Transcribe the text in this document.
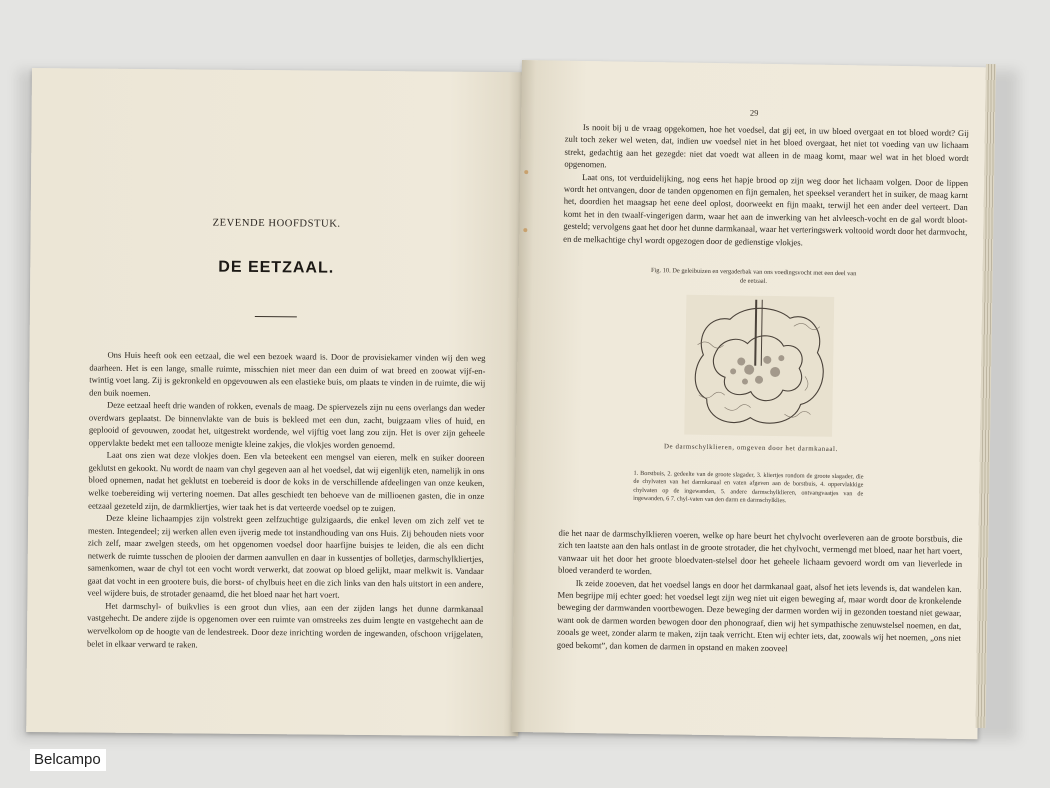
ZEVENDE HOOFDSTUK.
DE EETZAAL.

Ons Huis heeft ook een eetzaal, die wel een bezoek waard is. Door de provisiekamer vinden wij den weg daarheen. Het is een lange, smalle ruimte, misschien niet meer dan een duim of wat breed en zoowat vijf-en-twintig voet lang. Zij is gekronkeld en opgevouwen als een elastieke buis, om plaats te vinden in de ruimte, die wij den buik noemen.

Deze eetzaal heeft drie wanden of rokken, evenals de maag. De spiervezels zijn nu eens overlangs dan weder overdwars geplaatst. De binnenvlakte van de buis is bekleed met een dun, zacht, buigzaam vlies of huid, en geplooid of gevouwen, zoodat het, uitgestrekt wordende, wel vijftig voet lang zou zijn. Het is over zijn geheele oppervlakte bedekt met een tallooze menigte kleine zakjes, die vlokjes worden genoemd.

Laat ons zien wat deze vlokjes doen. Een vla beteekent een mengsel van eieren, melk en suiker dooreen geklutst en gekookt. Nu wordt de naam van chyl gegeven aan al het voedsel, dat wij eigenlijk eten, namelijk in ons bloed opnemen, nadat het geklutst en toebereid is door de koks in de verschillende afdeelingen van onze keuken, welke toebereiding wij vertering noemen. Dat alles geschiedt ten behoeve van de millioenen gasten, die in onze eetzaal gezeteld zijn, de darmkliertjes, wier taak het is dat verteerde voedsel op te zuigen.

Deze kleine lichaampjes zijn volstrekt geen zelfzuchtige gulzigaards, die enkel leven om zich zelf vet te mesten. Integendeel; zij werken allen even ijverig mede tot instandhouding van ons Huis. Zij behouden niets voor zich zelf, maar zwelgen steeds, om het opgenomen voedsel door haarfijne buisjes te leiden, die als een dicht netwerk de ruimte tusschen de plooien der darmen aanvullen en daar in kussentjes of bolletjes, darmschylkliertjes, samenkomen, waar de chyl tot een vocht wordt verwerkt, dat zoowat op bloed gelijkt, maar melkwit is. Vandaar gaat dat vocht in een grootere buis, die borst- of chylbuis heet en die zich links van den hals uitstort in een andere, veel wijdere buis, de strotader genaamd, die het bloed naar het hart voert.

Het darmschyl- of buikvlies is een groot dun vlies, aan een der zijden langs het dunne darmkanaal vastgehecht. De andere zijde is opgenomen over een ruimte van omstreeks zes duim lengte en vastgehecht aan de wervelkolom op de hoogte van de lendestreek. Door deze inrichting worden de ingewanden, ofschoon vrijgelaten, belet in elkaar verward te raken.

29

Is nooit bij u de vraag opgekomen, hoe het voedsel, dat gij eet, in uw bloed overgaat en tot bloed wordt? Gij zult toch zeker wel weten, dat, indien uw voedsel niet in het bloed overgaat, het niet tot voeding van uw lichaam strekt, gedachtig aan het gezegde: niet dat voedt wat alleen in de maag komt, maar wel wat in het bloed wordt opgenomen.

Laat ons, tot verduidelijking, nog eens het hapje brood op zijn weg door het lichaam volgen. Door de lippen wordt het ontvangen, door de tanden opgenomen en fijn gemalen, het speeksel verandert het in suiker, de maag karnt het, doordien het maagsap het eene deel oplost, doorweekt en fijn maakt, terwijl het een ander deel verteert. Dan komt het in den twaalf-vingerigen darm, waar het aan de inwerking van het alvleesch-vocht en de gal wordt bloot-gesteld; vervolgens gaat het door het dunne darmkanaal, waar het verteringswerk voltooid wordt door het darmvocht, en de melkachtige chyl wordt opgezogen door de gedienstige vlokjes.

Fig. 10. De geleibuizen en vergaderbak van ons voedingsvocht met een deel van de eetzaal.
De darmschylklieren, omgeven door het darmkanaal.
1. Borstbuis, 2. gedeelte van de groote slagader, 3. kliertjes rondom de groote slagader, die de chylvaten van het darmkanaal en vaten afgeven aan de borstbuis, 4. oppervlakkige chylvaten op de ingewanden, 5. andere darmschylklieren, ontvangvaatjes van de ingewanden, 6 7. chyl-vaten van den darm en darmschylklies.

die het naar de darmschylklieren voeren, welke op hare beurt het chylvocht overleveren aan de groote borstbuis, die zich ten laatste aan den hals ontlast in de groote strotader, die het chylvocht, vermengd met bloed, naar het hart voert, vanwaar uit het door het groote bloedvaten-stelsel door het geheele lichaam gevoerd wordt om van lieverlede in bloed veranderd te worden.

Ik zeide zooeven, dat het voedsel langs en door het darmkanaal gaat, alsof het iets levends is, dat wandelen kan. Men begrijpe mij echter goed: het voedsel legt zijn weg niet uit eigen beweging af, maar wordt door de kronkelende beweging der darmwanden voortbewogen. Deze beweging der darmen worden wij in gezonden toestand niet gewaar, want ook de darmen worden bewogen door den phonograaf, dien wij het sympathische zenuwstelsel noemen, en dat, zooals ge weet, zonder alarm te maken, zijn taak verricht. Eten wij echter iets, dat, zoowals wij het noemen, „ons niet goed bekomt”, dan komen de darmen in opstand en maken zooveel

Belcampo
